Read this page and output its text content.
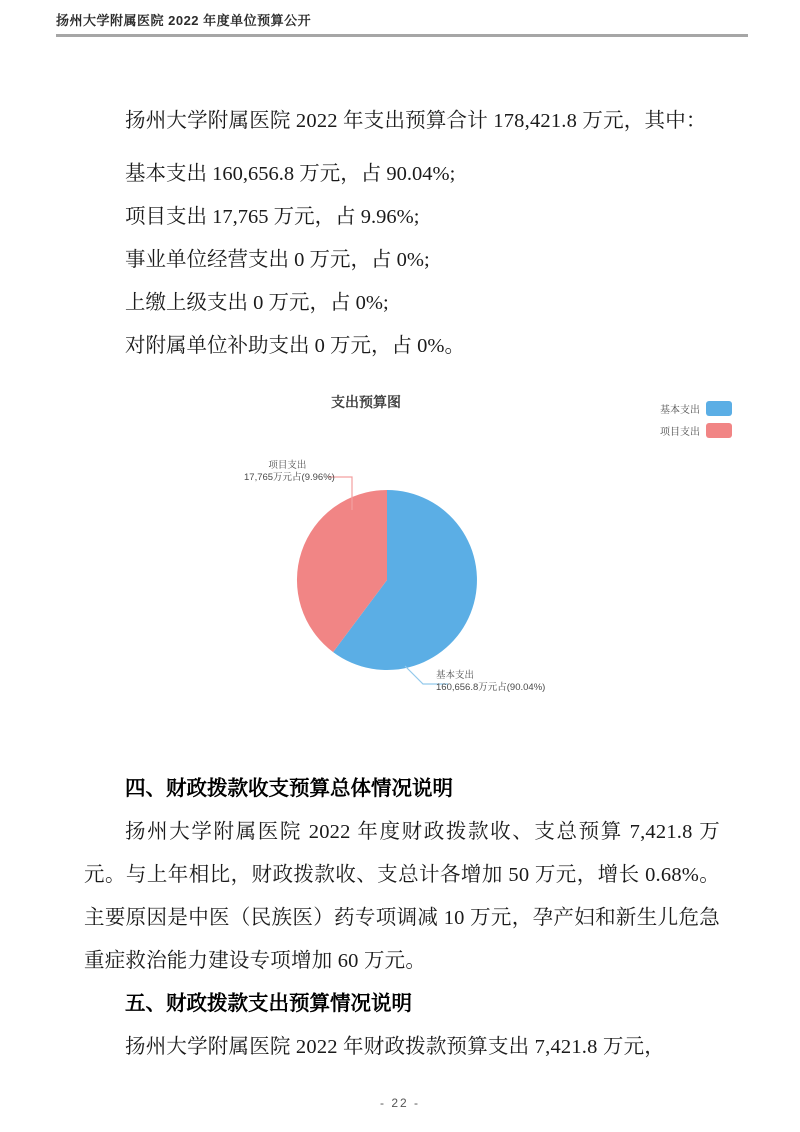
扬州大学附属医院 2022 年度单位预算公开

扬州大学附属医院 2022 年支出预算合计 178,421.8 万元，其中：

基本支出 160,656.8 万元，占 90.04%;
项目支出 17,765 万元，占 9.96%;
事业单位经营支出 0 万元，占 0%;
上缴上级支出 0 万元，占 0%;
对附属单位补助支出 0 万元，占 0%。
支出预算图	基本支出
项目支出
项目支出
17,765万元占(9.96%)
基本支出
160,656.8万元占(90.04%)
四、财政拨款收支预算总体情况说明

扬州大学附属医院 2022 年度财政拨款收、支总预算 7,421.8 万元。与上年相比，财政拨款收、支总计各增加 50 万元，增长 0.68%。主要原因是中医（民族医）药专项调减 10 万元，孕产妇和新生儿危急重症救治能力建设专项增加 60 万元。

五、财政拨款支出预算情况说明

扬州大学附属医院 2022 年财政拨款预算支出 7,421.8 万元，

- 22 -
